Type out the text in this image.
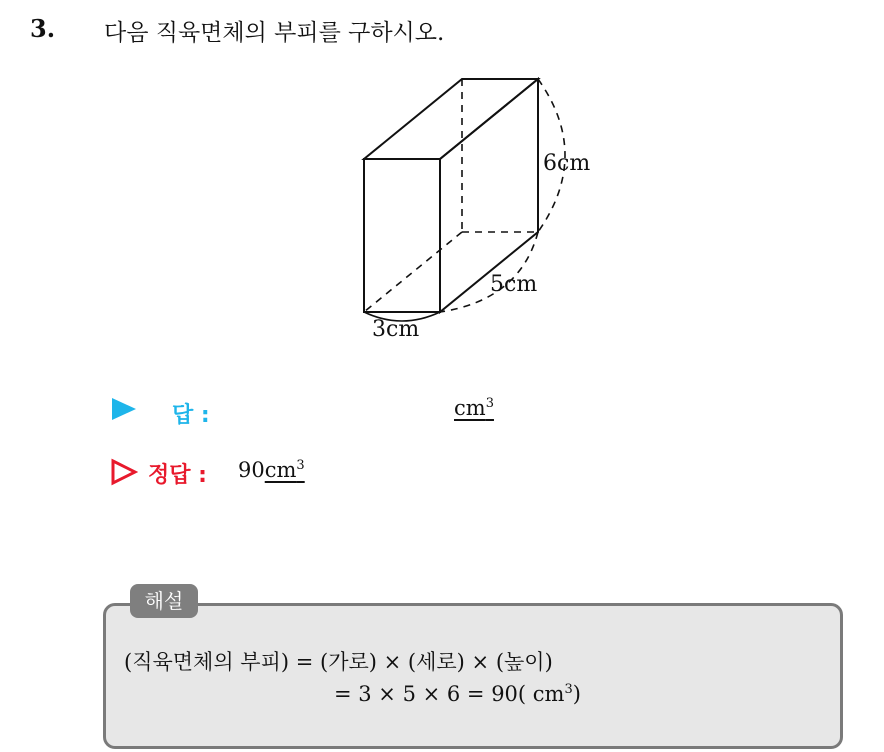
3. 다음 직육면체의 부피를 구하시오.
6cm
5cm
3cm
답 :	$cm^3$
정답 : $90cm^3$
해설
(직육면체의 부피) = (가로) × (세로) × (높이)
= 3 × 5 × 6 = 90( $cm^3$)
